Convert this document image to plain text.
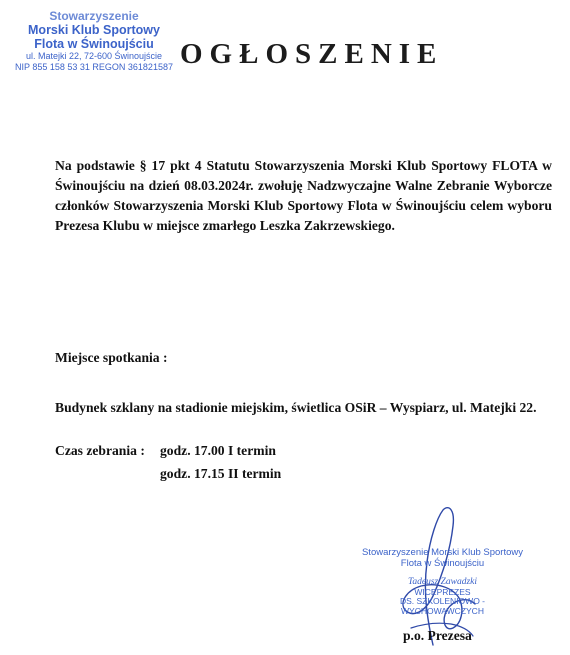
Stowarzyszenie
Morski Klub Sportowy
Flota w Świnoujściu
ul. Matejki 22, 72-600 Świnoujście
NIP 855 158 53 31 REGON 361821587 OGŁOSZENIE

Na podstawie § 17 pkt 4 Statutu Stowarzyszenia Morski Klub Sportowy FLOTA w Świnoujściu na dzień 08.03.2024r. zwołuję Nadzwyczajne Walne Zebranie Wyborcze członków Stowarzyszenia Morski Klub Sportowy Flota w Świnoujściu celem wyboru Prezesa Klubu w miejsce zmarłego Leszka Zakrzewskiego.

Miejsce spotkania :
Budynek szklany na stadionie miejskim, świetlica OSiR – Wyspiarz, ul. Matejki 22.
Czas zebrania : godz. 17.00 I termin
godz. 17.15 II termin
Stowarzyszenie Morski Klub Sportowy
Flota w Świnoujściu
Tadeusz Zawadzki
WICEPREZES
DS. SZKOLENIOWO - WYCHOWAWCZYCH
p.o. Prezesa
